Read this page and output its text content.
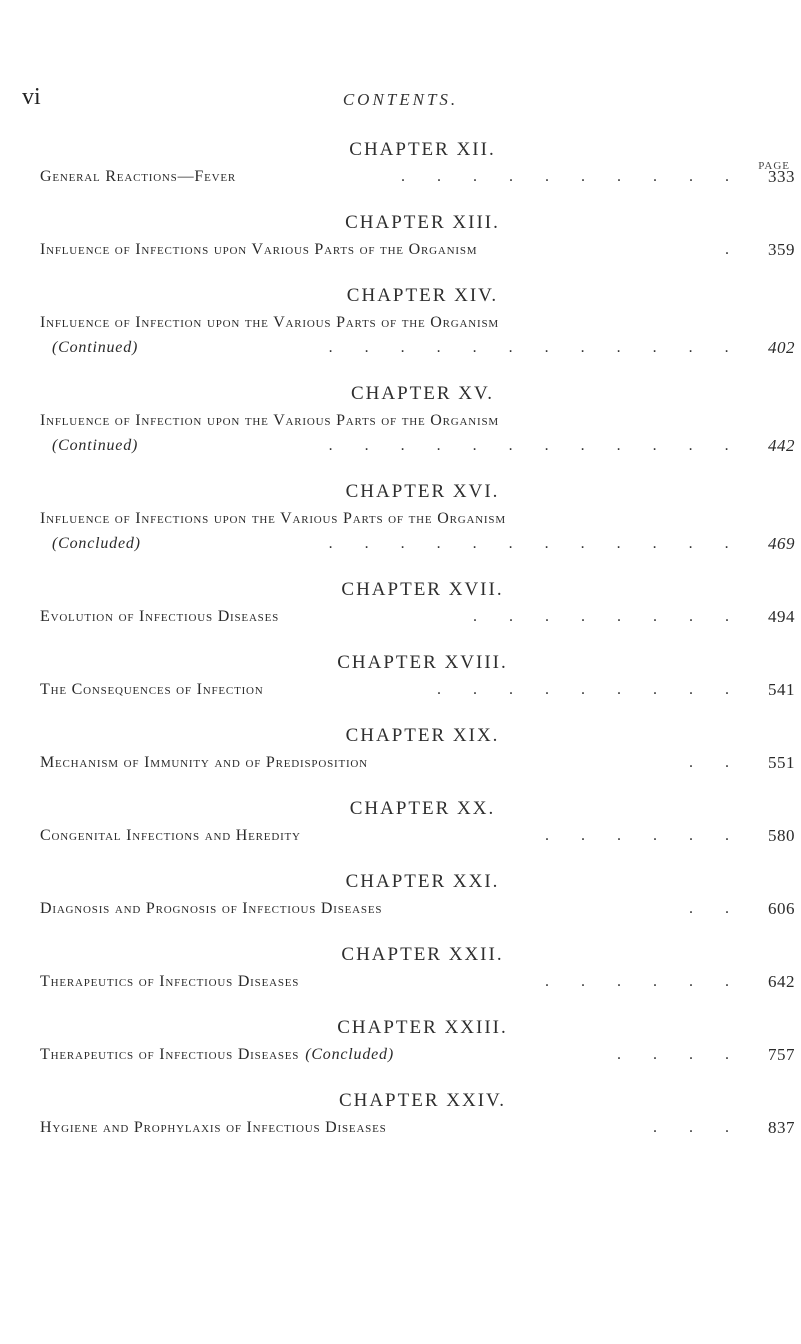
vi	CONTENTS.
PAGE
CHAPTER XII.
General Reactions—Fever	. . . . . . . . . .	333
CHAPTER XIII.
Influence of Infections upon Various Parts of the Organism	.	359
CHAPTER XIV.
Influence of Infection upon the Various Parts of the Organism
(Continued)	. . . . . . . . . . . .	402
CHAPTER XV.
Influence of Infection upon the Various Parts of the Organism
(Continued)	. . . . . . . . . . . .	442
CHAPTER XVI.
Influence of Infections upon the Various Parts of the Organism
(Concluded)	. . . . . . . . . . . .	469
CHAPTER XVII.
Evolution of Infectious Diseases	. . . . . . . .	494
CHAPTER XVIII.
The Consequences of Infection	. . . . . . . . .	541
CHAPTER XIX.
Mechanism of Immunity and of Predisposition	. .	551
CHAPTER XX.
Congenital Infections and Heredity	. . . . . .	580
CHAPTER XXI.
Diagnosis and Prognosis of Infectious Diseases	. .	606
CHAPTER XXII.
Therapeutics of Infectious Diseases	. . . . . .	642
CHAPTER XXIII.
Therapeutics of Infectious Diseases (Concluded)	. . . .	757
CHAPTER XXIV.
Hygiene and Prophylaxis of Infectious Diseases	. . .	837
